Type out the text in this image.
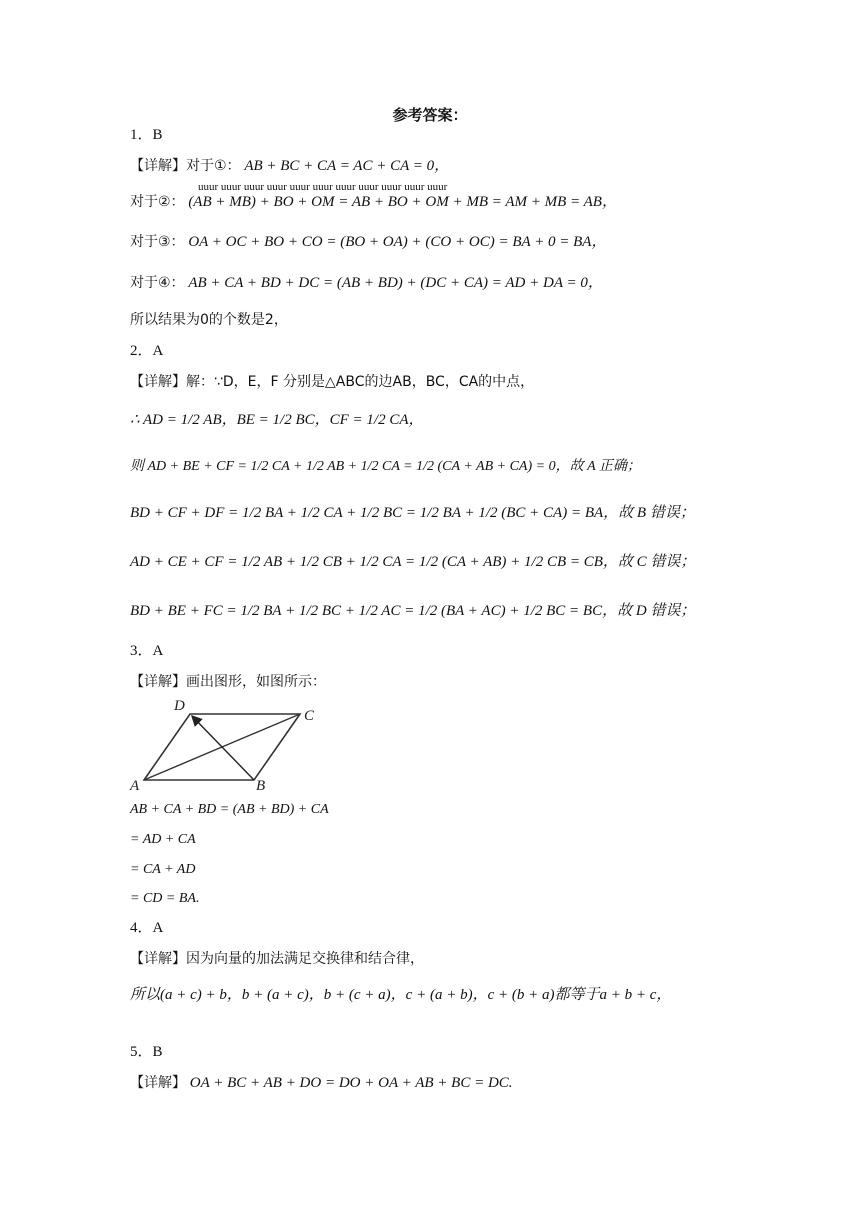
参考答案：
1．B
【详解】对于①： AB + BC + CA = AC + CA = 0，
uuur uuur uuur uuur uuur uuur uuur uuur uuur uuur uuur
对于②： (AB + MB) + BO + OM = AB + BO + OM + MB = AM + MB = AB，
对于③： OA + OC + BO + CO = (BO + OA) + (CO + OC) = BA + 0 = BA，
对于④： AB + CA + BD + DC = (AB + BD) + (DC + CA) = AD + DA = 0，
所以结果为0的个数是2，
2．A
【详解】解：∵D，E，F 分别是△ABC的边AB，BC，CA的中点，
∴ AD = 1/2 AB，BE = 1/2 BC，CF = 1/2 CA，
则 AD + BE + CF = 1/2 CA + 1/2 AB + 1/2 CA = 1/2 (CA + AB + CA) = 0，故 A 正确；
BD + CF + DF = 1/2 BA + 1/2 CA + 1/2 BC = 1/2 BA + 1/2 (BC + CA) = BA，故 B 错误；
AD + CE + CF = 1/2 AB + 1/2 CB + 1/2 CA = 1/2 (CA + AB) + 1/2 CB = CB，故 C 错误；
BD + BE + FC = 1/2 BA + 1/2 BC + 1/2 AC = 1/2 (BA + AC) + 1/2 BC = BC，故 D 错误；
3．A
【详解】画出图形，如图所示：
D
C
A	B
AB + CA + BD = (AB + BD) + CA
= AD + CA
= CA + AD
= CD = BA.
4．A
【详解】因为向量的加法满足交换律和结合律，
所以(a + c) + b，b + (a + c)，b + (c + a)，c + (a + b)，c + (b + a)都等于a + b + c，
5．B
【详解】 OA + BC + AB + DO = DO + OA + AB + BC = DC.
